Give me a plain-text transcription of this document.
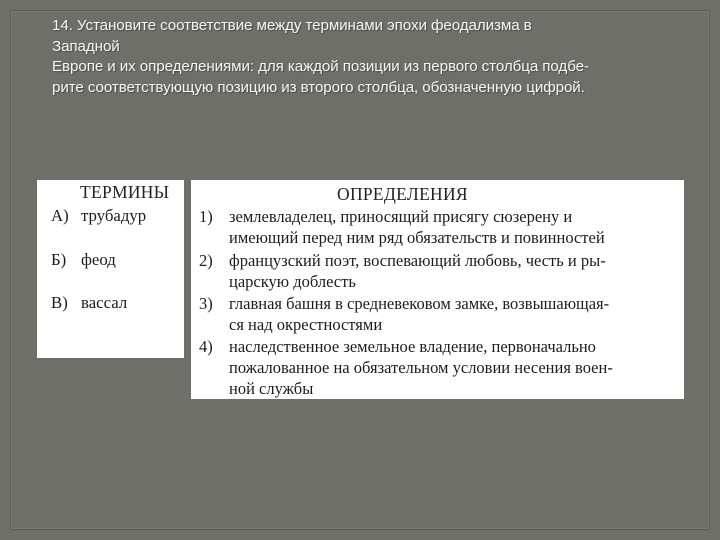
14. Установите соответствие между терминами эпохи феодализма в
Западной
Европе и их определениями: для каждой позиции из первого столбца подбе-
рите соответствующую позицию из второго столбца, обозначенную цифрой.
ТЕРМИНЫ
А) трубадур
Б) феод
В) вассал
ОПРЕДЕЛЕНИЯ
1) землевладелец, приносящий присягу сюзерену и
имеющий перед ним ряд обязательств и повинностей
2) французский поэт, воспевающий любовь, честь и ры-
царскую доблесть
3) главная башня в средневековом замке, возвышающая-
ся над окрестностями
4) наследственное земельное владение, первоначально
пожалованное на обязательном условии несения воен-
ной службы
